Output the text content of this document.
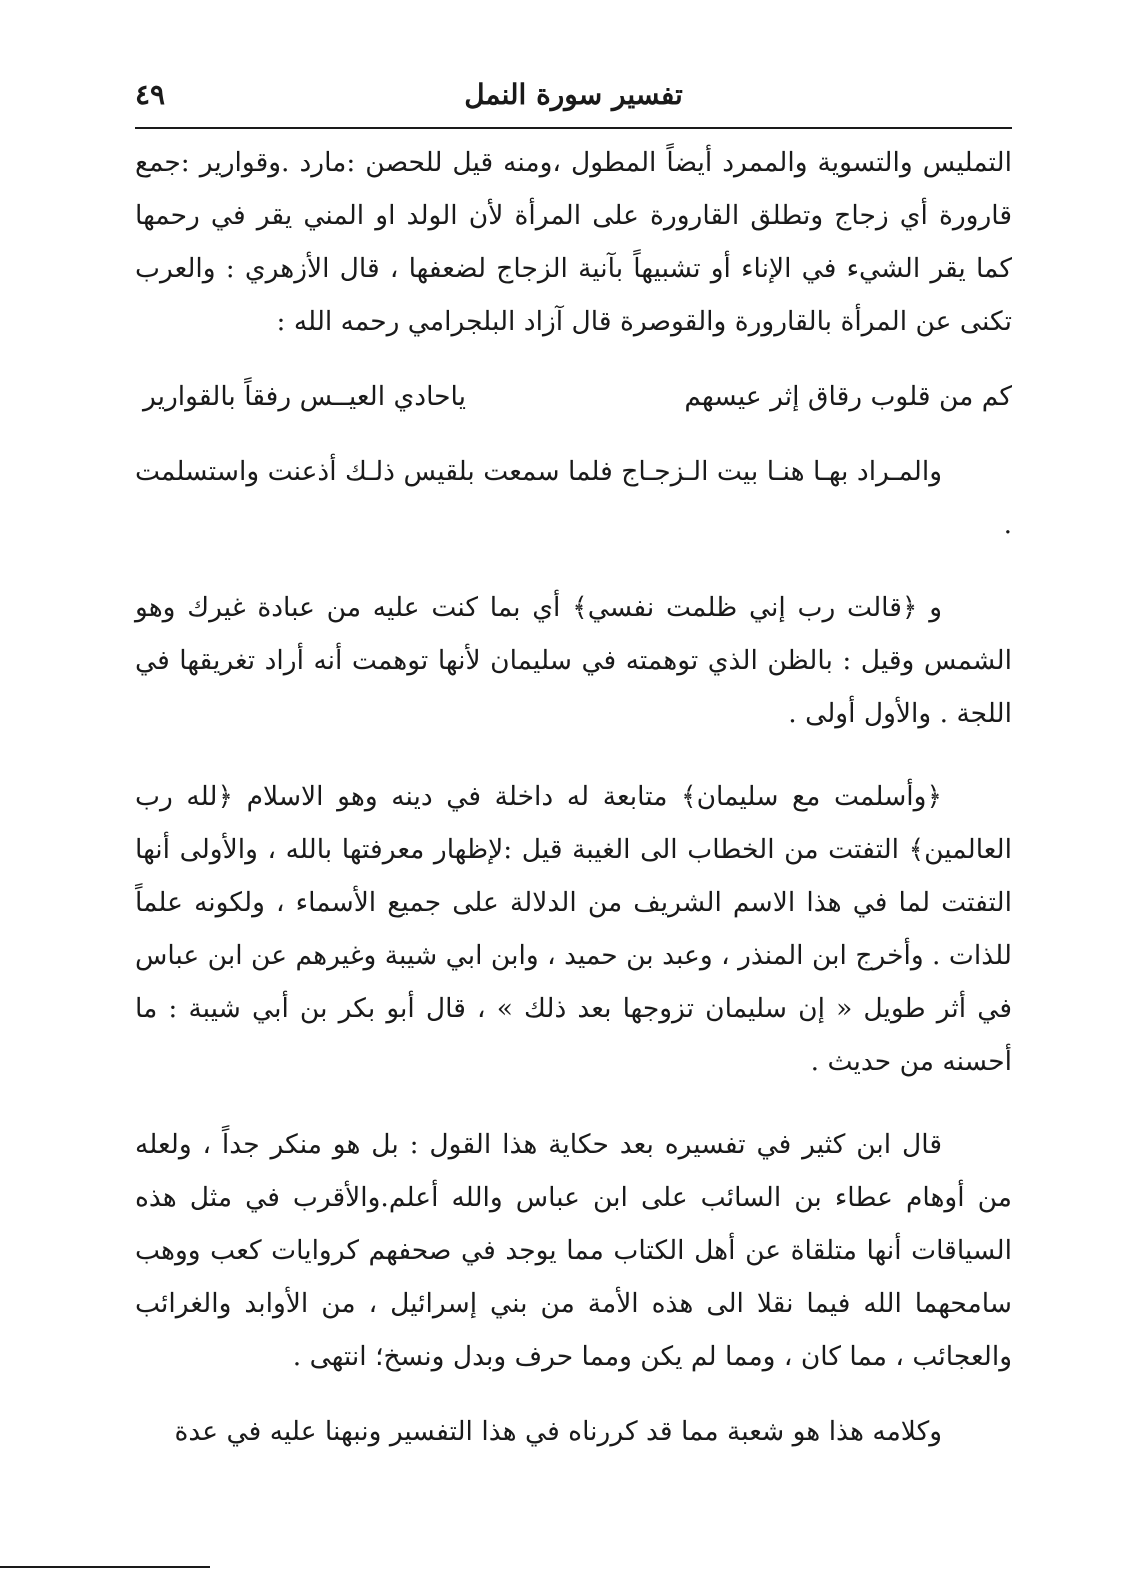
تفسير سورة النمل
٤٩

التمليس والتسوية والممرد أيضاً المطول ،ومنه قيل للحصن :مارد .وقوارير :جمع قارورة أي زجاج وتطلق القارورة على المرأة لأن الولد او المني يقر في رحمها كما يقر الشيء في الإناء أو تشبيهاً بآنية الزجاج لضعفها ، قال الأزهري : والعرب تكنى عن المرأة بالقارورة والقوصرة قال آزاد البلجرامي رحمه الله :

كم من قلوب رقاق إثر عيسهم
ياحادي العيــس رفقاً بالقوارير

والمـراد بهـا هنـا بيت الـزجـاج فلما سمعت بلقيس ذلـك أذعنت واستسلمت .

و ﴿قالت رب إني ظلمت نفسي﴾ أي بما كنت عليه من عبادة غيرك وهو الشمس وقيل : بالظن الذي توهمته في سليمان لأنها توهمت أنه أراد تغريقها في اللجة . والأول أولى .

﴿وأسلمت مع سليمان﴾ متابعة له داخلة في دينه وهو الاسلام ﴿لله رب العالمين﴾ التفتت من الخطاب الى الغيبة قيل :لإظهار معرفتها بالله ، والأولى أنها التفتت لما في هذا الاسم الشريف من الدلالة على جميع الأسماء ، ولكونه علماً للذات . وأخرج ابن المنذر ، وعبد بن حميد ، وابن ابي شيبة وغيرهم عن ابن عباس في أثر طويل « إن سليمان تزوجها بعد ذلك » ، قال أبو بكر بن أبي شيبة : ما أحسنه من حديث .

قال ابن كثير في تفسيره بعد حكاية هذا القول : بل هو منكر جداً ، ولعله من أوهام عطاء بن السائب على ابن عباس والله أعلم.والأقرب في مثل هذه السياقات أنها متلقاة عن أهل الكتاب مما يوجد في صحفهم كروايات كعب ووهب سامحهما الله فيما نقلا الى هذه الأمة من بني إسرائيل ، من الأوابد والغرائب والعجائب ، مما كان ، ومما لم يكن ومما حرف وبدل ونسخ؛ انتهى .

وكلامه هذا هو شعبة مما قد كررناه في هذا التفسير ونبهنا عليه في عدة
